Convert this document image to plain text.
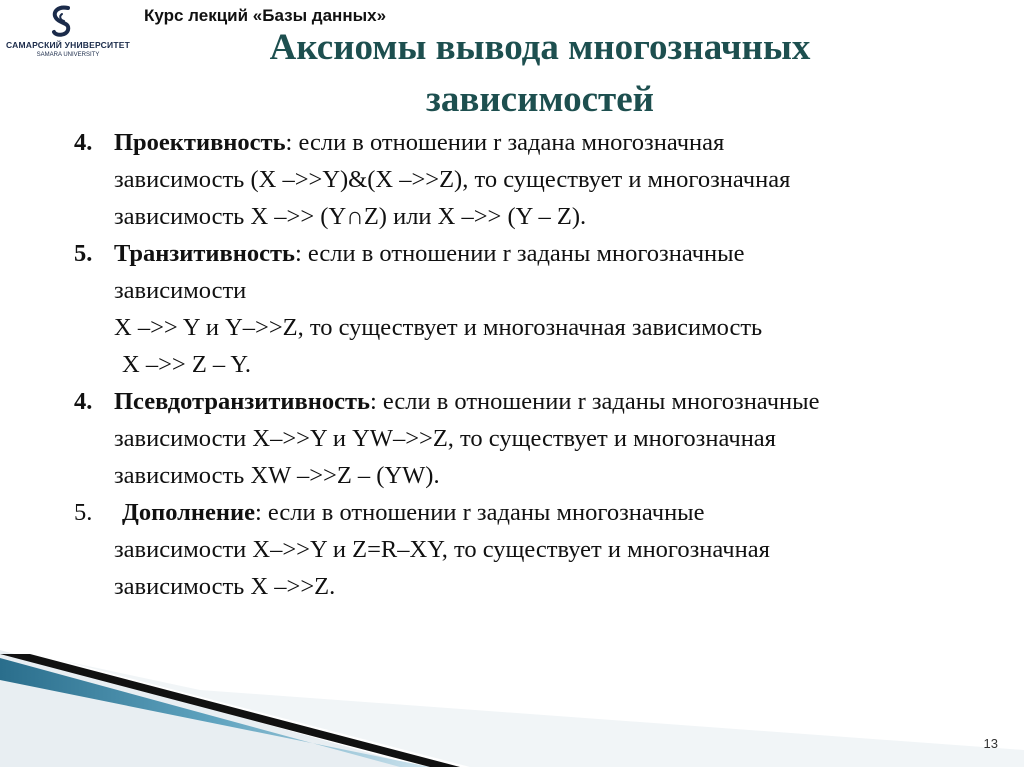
САМАРСКИЙ УНИВЕРСИТЕТ
SAMARA UNIVERSITY
Курс лекций «Базы данных»
Аксиомы вывода многозначных
зависимостей
4. Проективность: если в отношении r задана многозначная
зависимость (X –>>Y)&(X –>>Z), то существует и многозначная
зависимость X –>> (Y∩Z) или X –>> (Y – Z).
5. Транзитивность: если в отношении r заданы многозначные
зависимости
X –>> Y и Y–>>Z, то существует и многозначная зависимость
X –>> Z – Y.
4. Псевдотранзитивность: если в отношении r заданы многозначные
зависимости X–>>Y и YW–>>Z, то существует и многозначная
зависимость XW –>>Z – (YW).
5.	Дополнение: если в отношении r заданы многозначные
зависимости X–>>Y и Z=R–XY, то существует и многозначная
зависимость X –>>Z.
13
